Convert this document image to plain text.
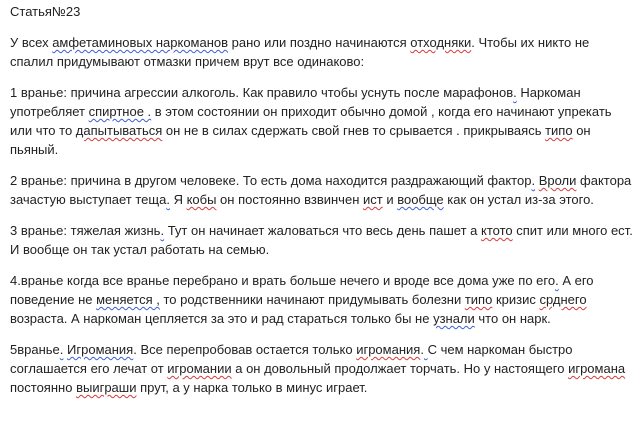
Статья№23
У всех амфетаминовых наркоманов рано или поздно начинаются отходняки. Чтобы их никто не спалил придумывают отмазки причем врут все одинаково:
1 вранье: причина агрессии алкоголь. Как правило чтобы уснуть после марафонов. Наркоман употребляет спиртное . в этом состоянии он приходит обычно домой , когда его начинают упрекать или что то дапытываться он не в силах сдержать свой гнев то срывается . прикрываясь типо он пьяный.
2 вранье: причина в другом человеке. То есть дома находится раздражающий фактор. Вроли фактора зачастую выступает теща. Я кобы он постоянно взвинчен ист и вообще как он устал из-за этого.
3 вранье: тяжелая жизнь. Тут он начинает жаловаться что весь день пашет а ктото спит или много ест. И вообще он так устал работать на семью.
4.вранье когда все вранье перебрано и врать больше нечего и вроде все дома уже по его. А его поведение не меняется , то родственники начинают придумывать болезни типо кризис срднего возраста. А наркоман цепляется за это и рад стараться только бы не узнали что он нарк.
5вранье. Игромания. Все перепробовав остается только игромания. С чем наркоман быстро соглашается его лечат от игромании а он довольный продолжает торчать. Но у настоящего игромана постоянно выиграши прут, а у нарка только в минус играет.
